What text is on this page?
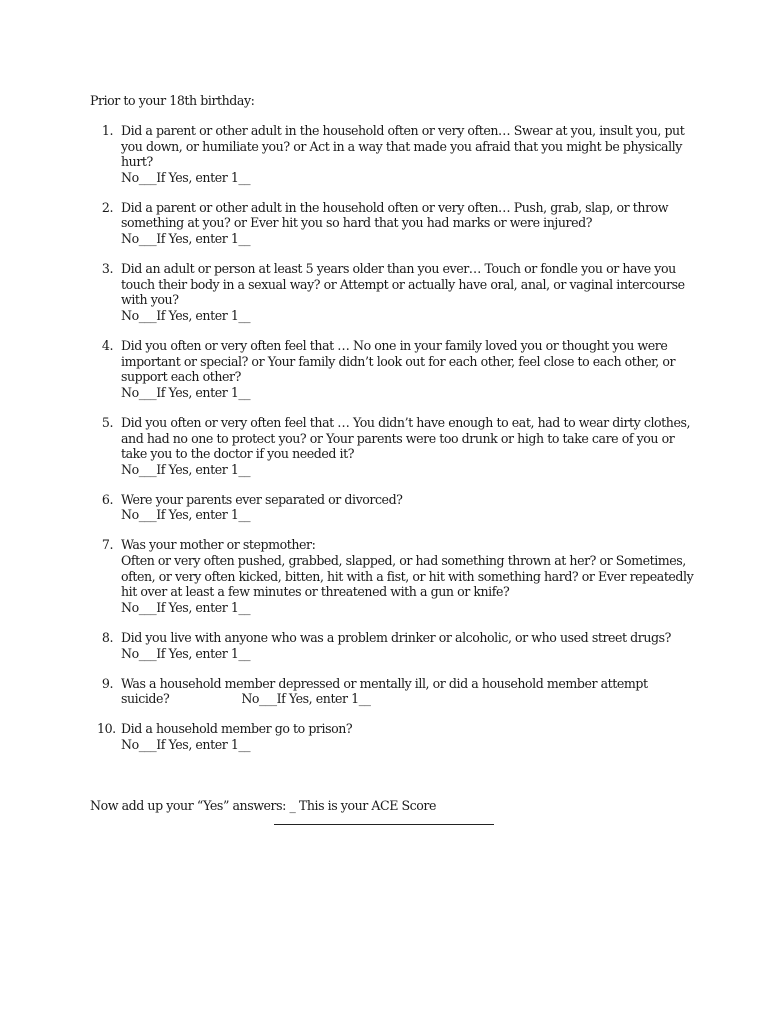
Prior to your 18th birthday:

1. Did a parent or other adult in the household often or very often… Swear at you, insult you, put you down, or humiliate you? or Act in a way that made you afraid that you might be physically hurt?
No___If Yes, enter 1__
2. Did a parent or other adult in the household often or very often… Push, grab, slap, or throw something at you? or Ever hit you so hard that you had marks or were injured?
No___If Yes, enter 1__
3. Did an adult or person at least 5 years older than you ever… Touch or fondle you or have you touch their body in a sexual way? or Attempt or actually have oral, anal, or vaginal intercourse with you?
No___If Yes, enter 1__
4. Did you often or very often feel that … No one in your family loved you or thought you were important or special? or Your family didn’t look out for each other, feel close to each other, or support each other?
No___If Yes, enter 1__
5. Did you often or very often feel that … You didn’t have enough to eat, had to wear dirty clothes, and had no one to protect you? or Your parents were too drunk or high to take care of you or take you to the doctor if you needed it?
No___If Yes, enter 1__
6. Were your parents ever separated or divorced?
No___If Yes, enter 1__
7. Was your mother or stepmother:
Often or very often pushed, grabbed, slapped, or had something thrown at her? or Sometimes, often, or very often kicked, bitten, hit with a fist, or hit with something hard? or Ever repeatedly hit over at least a few minutes or threatened with a gun or knife?
No___If Yes, enter 1__
8. Did you live with anyone who was a problem drinker or alcoholic, or who used street drugs?
No___If Yes, enter 1__
9. Was a household member depressed or mentally ill, or did a household member attempt suicide?	No___If Yes, enter 1__
10. Did a household member go to prison?
No___If Yes, enter 1__

Now add up your “Yes” answers: _ This is your ACE Score
